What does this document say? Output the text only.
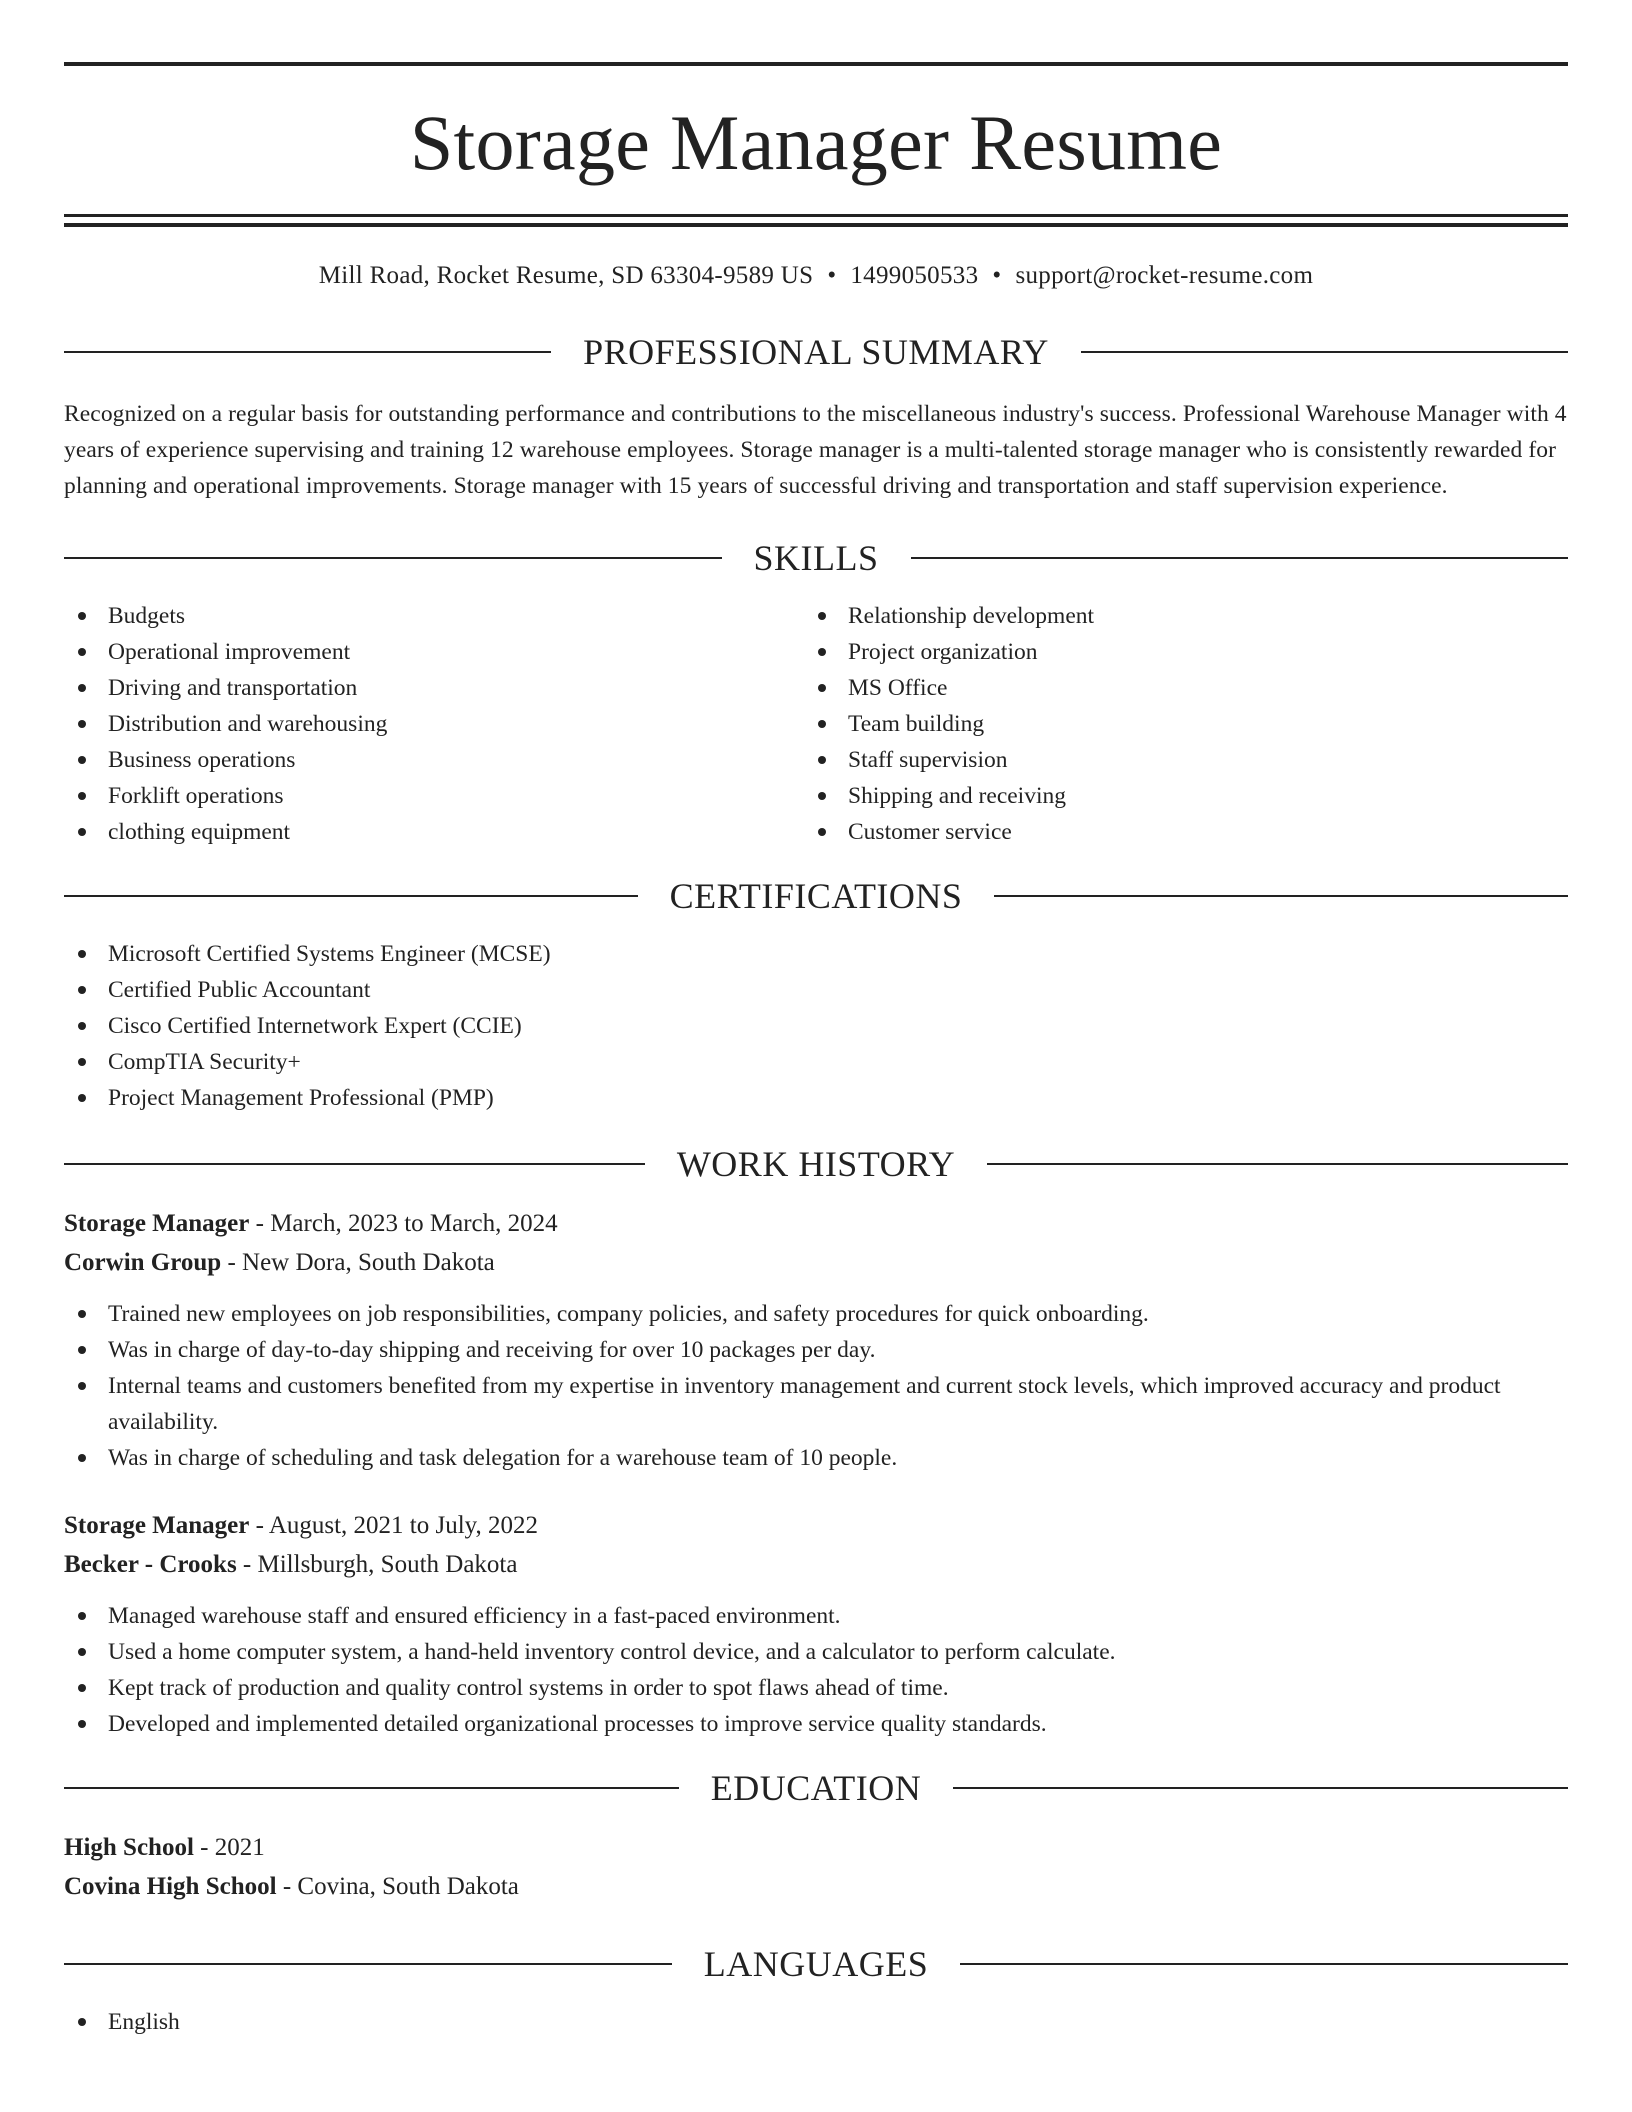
Storage Manager Resume
Mill Road, Rocket Resume, SD 63304-9589 US • 1499050533 • support@rocket-resume.com
PROFESSIONAL SUMMARY
Recognized on a regular basis for outstanding performance and contributions to the miscellaneous industry's success. Professional Warehouse Manager with 4 years of experience supervising and training 12 warehouse employees. Storage manager is a multi-talented storage manager who is consistently rewarded for planning and operational improvements. Storage manager with 15 years of successful driving and transportation and staff supervision experience.
SKILLS
Budgets
Operational improvement
Driving and transportation
Distribution and warehousing
Business operations
Forklift operations
clothing equipment
Relationship development
Project organization
MS Office
Team building
Staff supervision
Shipping and receiving
Customer service
CERTIFICATIONS
Microsoft Certified Systems Engineer (MCSE)
Certified Public Accountant
Cisco Certified Internetwork Expert (CCIE)
CompTIA Security+
Project Management Professional (PMP)
WORK HISTORY
Storage Manager - March, 2023 to March, 2024
Corwin Group - New Dora, South Dakota
Trained new employees on job responsibilities, company policies, and safety procedures for quick onboarding.
Was in charge of day-to-day shipping and receiving for over 10 packages per day.
Internal teams and customers benefited from my expertise in inventory management and current stock levels, which improved accuracy and product availability.
Was in charge of scheduling and task delegation for a warehouse team of 10 people.
Storage Manager - August, 2021 to July, 2022
Becker - Crooks - Millsburgh, South Dakota
Managed warehouse staff and ensured efficiency in a fast-paced environment.
Used a home computer system, a hand-held inventory control device, and a calculator to perform calculate.
Kept track of production and quality control systems in order to spot flaws ahead of time.
Developed and implemented detailed organizational processes to improve service quality standards.
EDUCATION
High School - 2021
Covina High School - Covina, South Dakota
LANGUAGES
English
